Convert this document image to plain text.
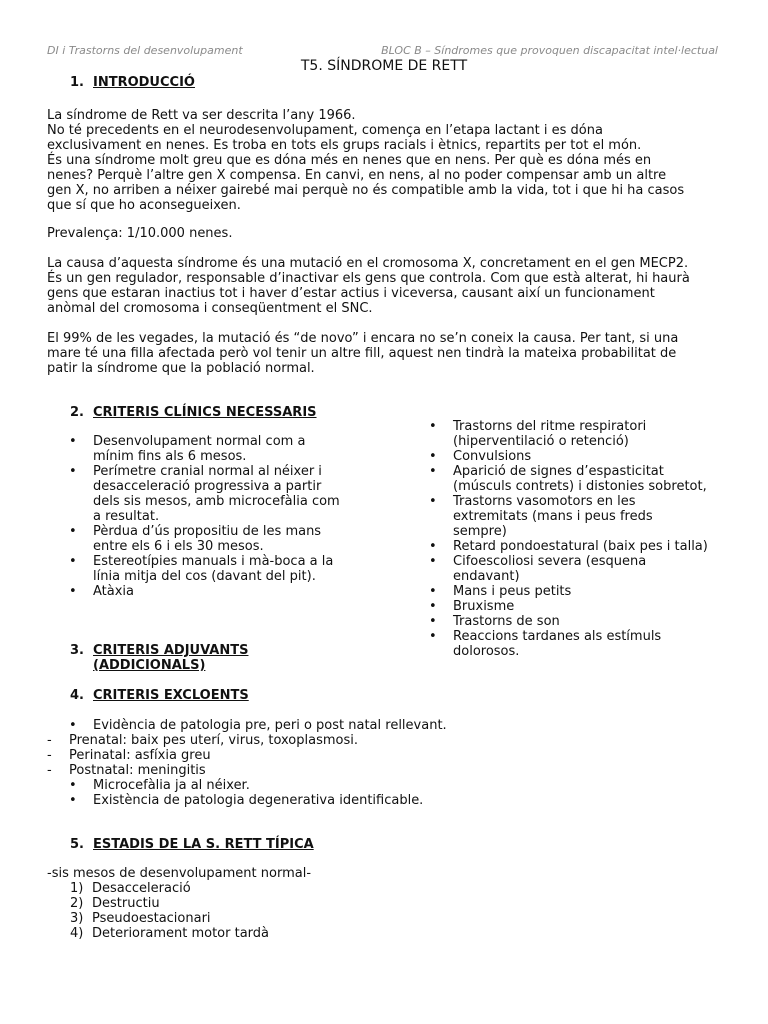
DI i Trastorns del desenvolupament	BLOC B – Síndromes que provoquen discapacitat intel·lectual
T5. SÍNDROME DE RETT
1. INTRODUCCIÓ
La síndrome de Rett va ser descrita l’any 1966.
No té precedents en el neurodesenvolupament, comença en l’etapa lactant i es dóna
exclusivament en nenes. Es troba en tots els grups racials i ètnics, repartits per tot el món.
És una síndrome molt greu que es dóna més en nenes que en nens. Per què es dóna més en
nenes? Perquè l’altre gen X compensa. En canvi, en nens, al no poder compensar amb un altre
gen X, no arriben a néixer gairebé mai perquè no és compatible amb la vida, tot i que hi ha casos
que sí que ho aconsegueixen.
Prevalença: 1/10.000 nenes.
La causa d’aquesta síndrome és una mutació en el cromosoma X, concretament en el gen MECP2.
És un gen regulador, responsable d’inactivar els gens que controla. Com que està alterat, hi haurà
gens que estaran inactius tot i haver d’estar actius i viceversa, causant així un funcionament
anòmal del cromosoma i conseqüentment el SNC.
El 99% de les vegades, la mutació és “de novo” i encara no se’n coneix la causa. Per tant, si una
mare té una filla afectada però vol tenir un altre fill, aquest nen tindrà la mateixa probabilitat de
patir la síndrome que la població normal.
2. CRITERIS CLÍNICS NECESSARIS
• Desenvolupament normal com a
mínim fins als 6 mesos.
• Perímetre cranial normal al néixer i
desacceleració progressiva a partir
dels sis mesos, amb microcefàlia com
a resultat.
• Pèrdua d’ús propositiu de les mans
entre els 6 i els 30 mesos.
• Estereotípies manuals i mà-boca a la
línia mitja del cos (davant del pit).
• Atàxia
• Trastorns del ritme respiratori
(hiperventilació o retenció)
• Convulsions
• Aparició de signes d’espasticitat
(músculs contrets) i distonies sobretot,
• Trastorns vasomotors en les
extremitats (mans i peus freds
sempre)
• Retard pondoestatural (baix pes i talla)
• Cifoescoliosi severa (esquena
endavant)
• Mans i peus petits
• Bruxisme
• Trastorns de son
• Reaccions tardanes als estímuls
dolorosos.
3. CRITERIS ADJUVANTS
(ADDICIONALS)
4. CRITERIS EXCLOENTS
• Evidència de patologia pre, peri o post natal rellevant.
- Prenatal: baix pes uterí, virus, toxoplasmosi.
- Perinatal: asfíxia greu
- Postnatal: meningitis
• Microcefàlia ja al néixer.
• Existència de patologia degenerativa identificable.
5. ESTADIS DE LA S. RETT TÍPICA
-sis mesos de desenvolupament normal-
1) Desacceleració
2) Destructiu
3) Pseudoestacionari
4) Deteriorament motor tardà
